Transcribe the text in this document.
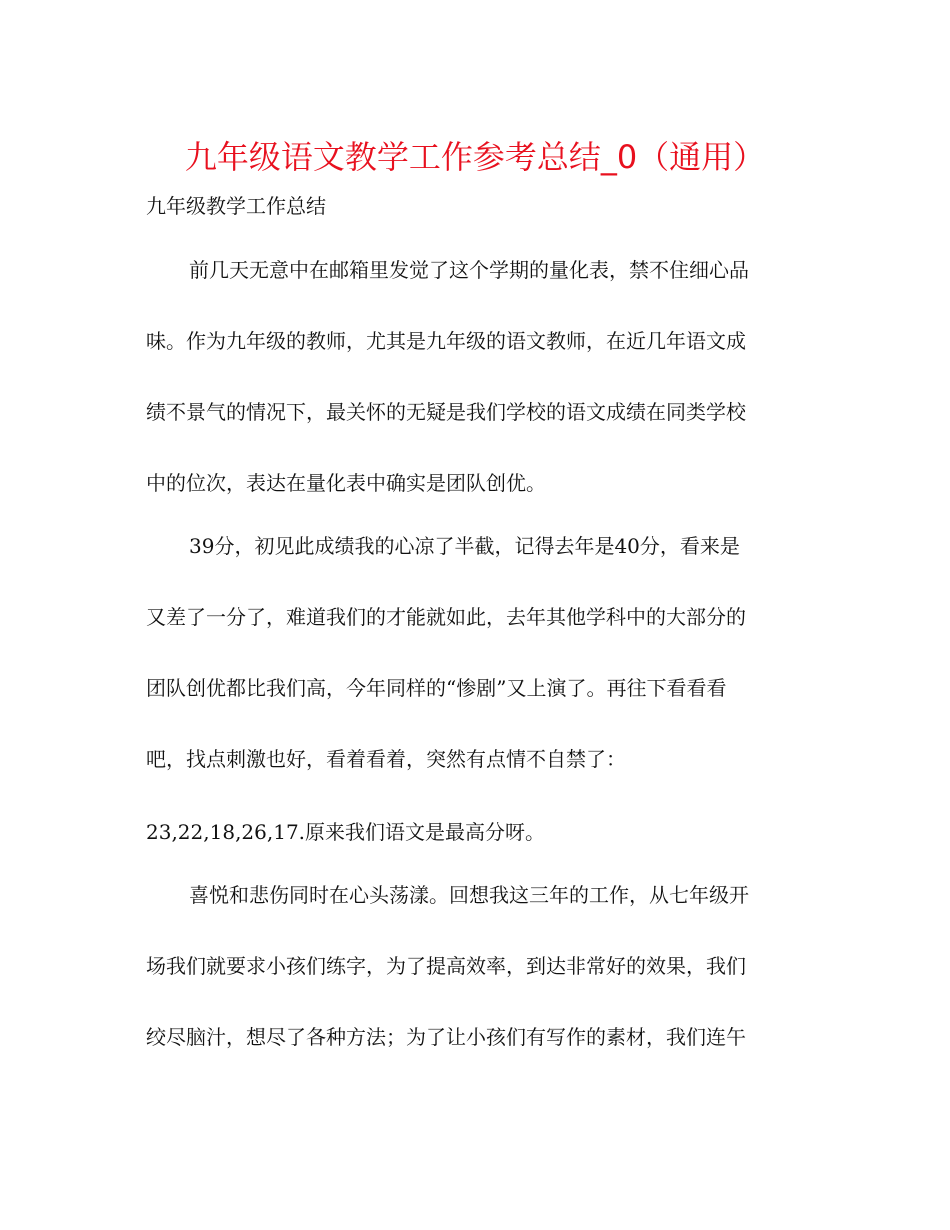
九年级语文教学工作参考总结_0（通用）
九年级教学工作总结
前几天无意中在邮箱里发觉了这个学期的量化表，禁不住细心品
味。作为九年级的教师，尤其是九年级的语文教师，在近几年语文成
绩不景气的情况下，最关怀的无疑是我们学校的语文成绩在同类学校
中的位次，表达在量化表中确实是团队创优。
39分，初见此成绩我的心凉了半截，记得去年是40分，看来是
又差了一分了，难道我们的才能就如此，去年其他学科中的大部分的
团队创优都比我们高，今年同样的“惨剧”又上演了。再往下看看看
吧，找点刺激也好，看着看着，突然有点情不自禁了：
23,22,18,26,17.原来我们语文是最高分呀。
喜悦和悲伤同时在心头荡漾。回想我这三年的工作，从七年级开
场我们就要求小孩们练字，为了提高效率，到达非常好的效果，我们
绞尽脑汁，想尽了各种方法；为了让小孩们有写作的素材，我们连午
